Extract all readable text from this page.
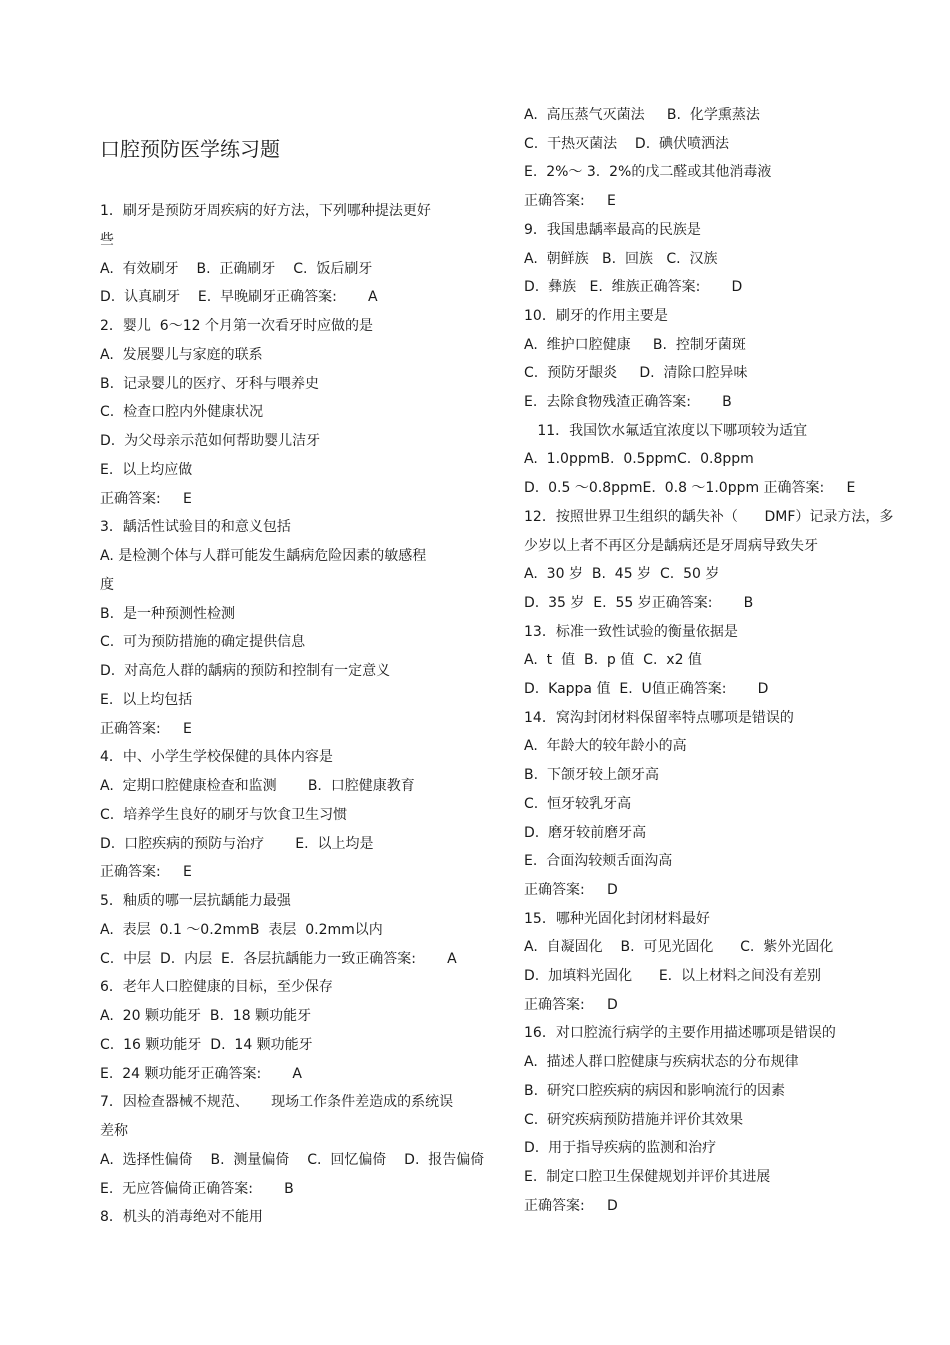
口腔预防医学练习题
1．刷牙是预防牙周疾病的好方法，下列哪种提法更好
些
A.  有效刷牙    B.  正确刷牙    C.  饭后刷牙
D.  认真刷牙    E.  早晚刷牙正确答案:       A
2．婴儿  6～12 个月第一次看牙时应做的是
A.  发展婴儿与家庭的联系
B.  记录婴儿的医疗、牙科与喂养史
C.  检查口腔内外健康状况
D.  为父母亲示范如何帮助婴儿洁牙
E.  以上均应做
正确答案:     E
3．龋活性试验目的和意义包括
A. 是检测个体与人群可能发生龋病危险因素的敏感程
度
B.  是一种预测性检测
C.  可为预防措施的确定提供信息
D.  对高危人群的龋病的预防和控制有一定意义
E.  以上均包括
正确答案:     E
4．中、小学生学校保健的具体内容是
A.  定期口腔健康检查和监测       B.  口腔健康教育
C.  培养学生良好的刷牙与饮食卫生习惯
D.  口腔疾病的预防与治疗       E.  以上均是
正确答案:     E
5．釉质的哪一层抗龋能力最强
A.  表层  0.1 ～0.2mmB  表层  0.2mm以内
C.  中层  D.  内层  E.  各层抗龋能力一致正确答案:       A
6．老年人口腔健康的目标，至少保存
A.  20 颗功能牙  B.  18 颗功能牙
C.  16 颗功能牙  D.  14 颗功能牙
E.  24 颗功能牙正确答案:       A
7．因检查器械不规范、     现场工作条件差造成的系统误
差称
A.  选择性偏倚    B.  测量偏倚    C.  回忆偏倚    D.  报告偏倚
E.  无应答偏倚正确答案:       B
8．机头的消毒绝对不能用
A.  高压蒸气灭菌法     B.  化学熏蒸法
C.  干热灭菌法    D.  碘伏喷洒法
E.  2%～ 3.  2%的戊二醛或其他消毒液
正确答案:     E
9．我国患龋率最高的民族是
A.  朝鲜族   B.  回族   C.  汉族
D.  彝族   E.  维族正确答案:       D
10．刷牙的作用主要是
A.  维护口腔健康     B.  控制牙菌斑
C.  预防牙龈炎     D.  清除口腔异味
E.  去除食物残渣正确答案:       B
11．我国饮水氟适宜浓度以下哪项较为适宜
A.  1.0ppmB.  0.5ppmC.  0.8ppm
D.  0.5 ～0.8ppmE.  0.8 ～1.0ppm 正确答案:     E
12．按照世界卫生组织的龋失补（      DMF）记录方法，多
少岁以上者不再区分是龋病还是牙周病导致失牙
A.  30 岁  B.  45 岁  C.  50 岁
D.  35 岁  E.  55 岁正确答案:       B
13．标准一致性试验的衡量依据是
A.  t  值  B.  p 值  C.  x2 值
D.  Kappa 值  E.  U值正确答案:       D
14．窝沟封闭材料保留率特点哪项是错误的
A.  年龄大的较年龄小的高
B.  下颌牙较上颌牙高
C.  恒牙较乳牙高
D.  磨牙较前磨牙高
E.  合面沟较颊舌面沟高
正确答案:     D
15．哪种光固化封闭材料最好
A.  自凝固化    B.  可见光固化      C.  紫外光固化
D.  加填料光固化      E.  以上材料之间没有差别
正确答案:     D
16．对口腔流行病学的主要作用描述哪项是错误的
A.  描述人群口腔健康与疾病状态的分布规律
B.  研究口腔疾病的病因和影响流行的因素
C.  研究疾病预防措施并评价其效果
D.  用于指导疾病的监测和治疗
E.  制定口腔卫生保健规划并评价其进展
正确答案:     D
